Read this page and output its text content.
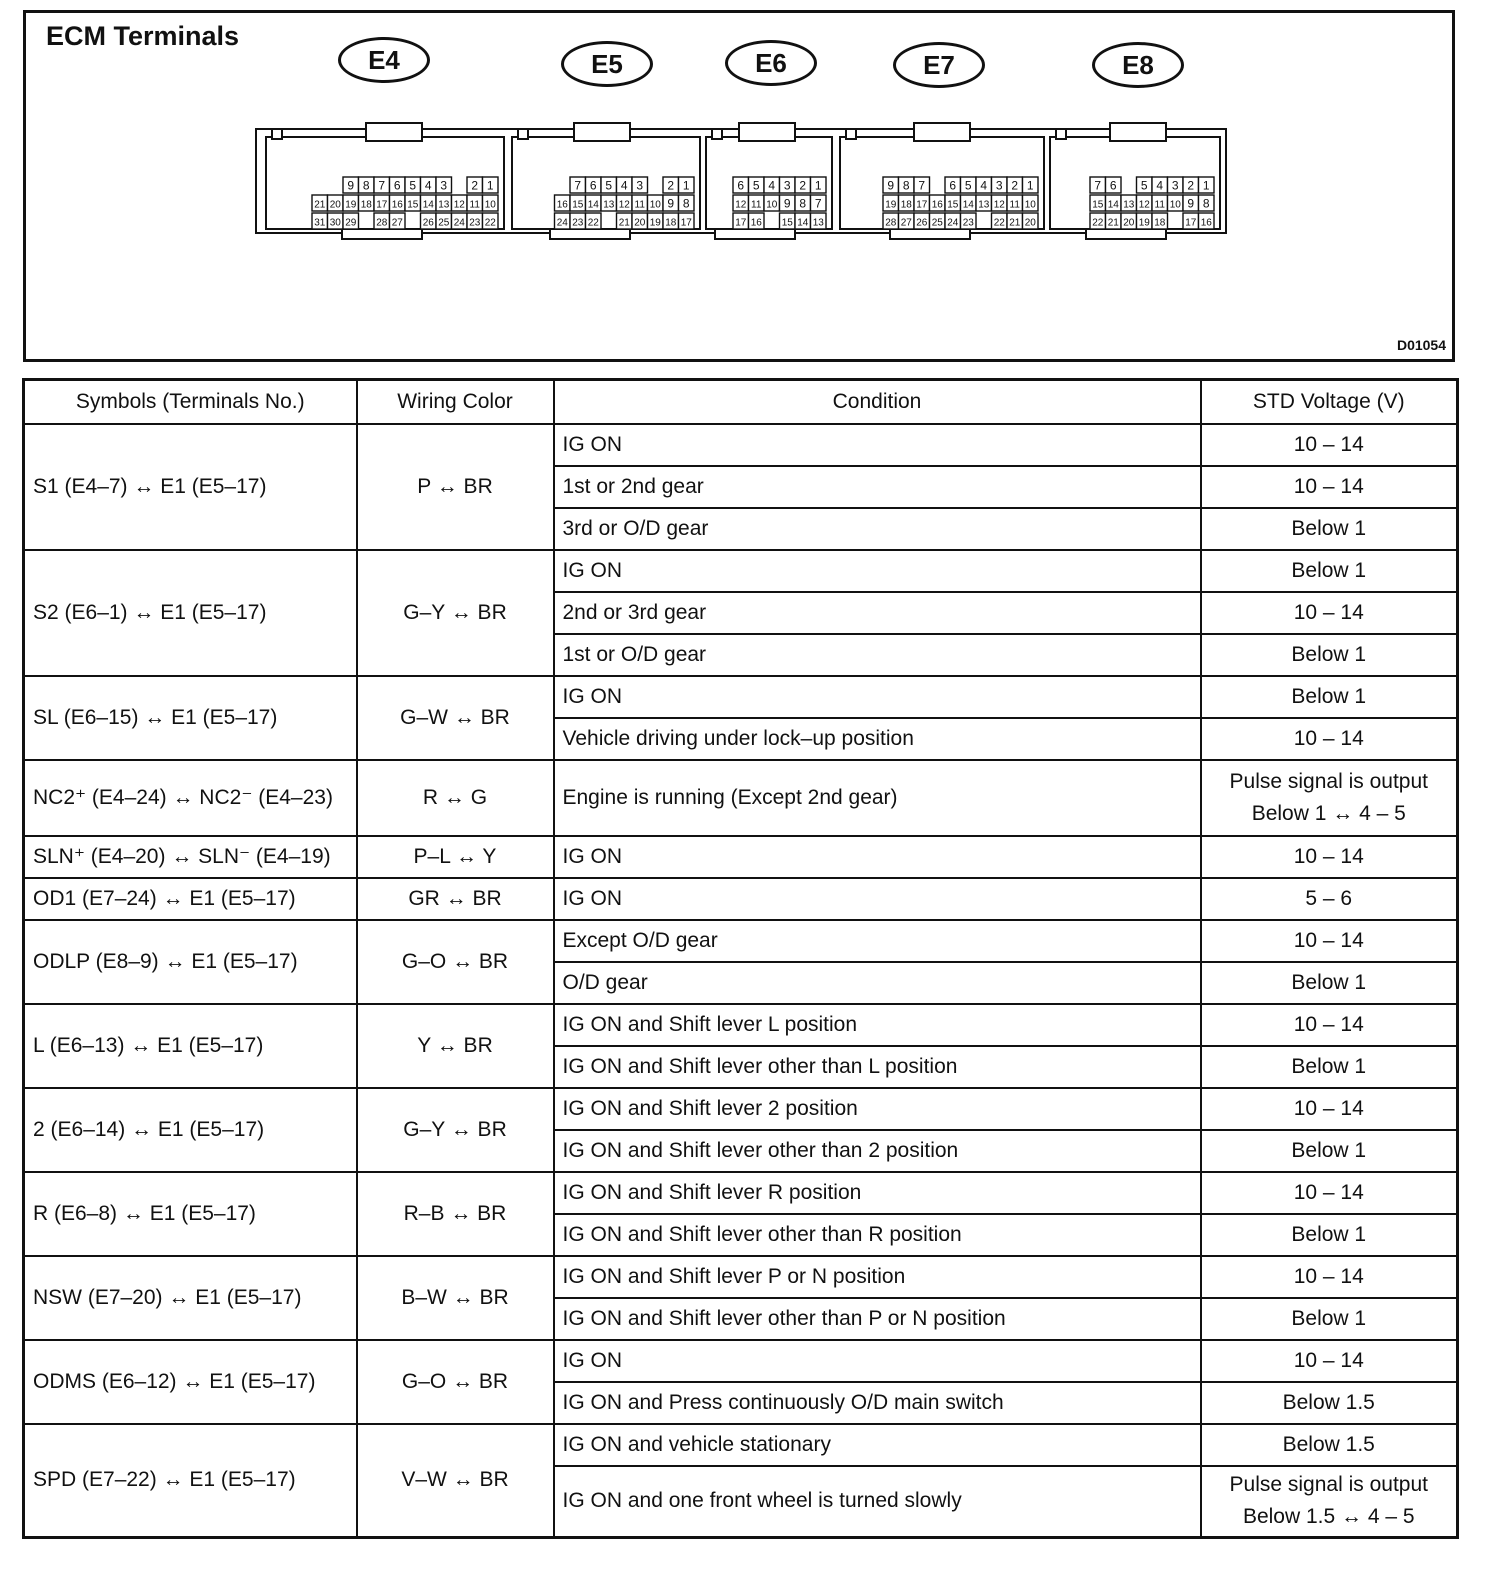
ECM Terminals
E4	E5	E6	E7	E8
9 8 7 6 5 4 3 2 1
21 20 19 18 17 16 15 14 13 12 11 10
31 30 29 28 27 26 25 24 23 22
7 6 5 4 3 2 1
16 15 14 13 12 11 10 9 8
24 23 22 21 20 19 18 17
6 5 4 3 2 1
12 11 10 9 8 7
17 16 15 14 13
9 8 7 6 5 4 3 2 1
19 18 17 16 15 14 13 12 11 10
28 27 26 25 24 23 22 21 20
7 6 5 4 3 2 1
15 14 13 12 11 10 9 8
22 21 20 19 18 17 16
D01054
Symbols (Terminals No.)	Wiring Color	Condition	STD Voltage (V)
S1 (E4–7) ↔ E1 (E5–17)	P ↔ BR	IG ON	10 – 14

		1st or 2nd gear	10 – 14

		3rd or O/D gear	Below 1

S2 (E6–1) ↔ E1 (E5–17)	G–Y ↔ BR	IG ON	Below 1

		2nd or 3rd gear	10 – 14

		1st or O/D gear	Below 1

SL (E6–15) ↔ E1 (E5–17)	G–W ↔ BR	IG ON	Below 1

		Vehicle driving under lock–up position	10 – 14

NC2⁺ (E4–24) ↔ NC2⁻ (E4–23)	R ↔ G	Engine is running (Except 2nd gear)	Pulse signal is output
Below 1 ↔ 4 – 5

SLN⁺ (E4–20) ↔ SLN⁻ (E4–19)	P–L ↔ Y	IG ON	10 – 14

OD1 (E7–24) ↔ E1 (E5–17)	GR ↔ BR	IG ON	5 – 6

ODLP (E8–9) ↔ E1 (E5–17)	G–O ↔ BR	Except O/D gear	10 – 14

		O/D gear	Below 1

L (E6–13) ↔ E1 (E5–17)	Y ↔ BR	IG ON and Shift lever L position	10 – 14

		IG ON and Shift lever other than L position	Below 1

2 (E6–14) ↔ E1 (E5–17)	G–Y ↔ BR	IG ON and Shift lever 2 position	10 – 14

		IG ON and Shift lever other than 2 position	Below 1

R (E6–8) ↔ E1 (E5–17)	R–B ↔ BR	IG ON and Shift lever R position	10 – 14

		IG ON and Shift lever other than R position	Below 1

NSW (E7–20) ↔ E1 (E5–17)	B–W ↔ BR	IG ON and Shift lever P or N position	10 – 14

		IG ON and Shift lever other than P or N position	Below 1

ODMS (E6–12) ↔ E1 (E5–17)	G–O ↔ BR	IG ON	10 – 14

		IG ON and Press continuously O/D main switch	Below 1.5

SPD (E7–22) ↔ E1 (E5–17)	V–W ↔ BR	IG ON and vehicle stationary	Below 1.5

		IG ON and one front wheel is turned slowly	Pulse signal is output
Below 1.5 ↔ 4 – 5
